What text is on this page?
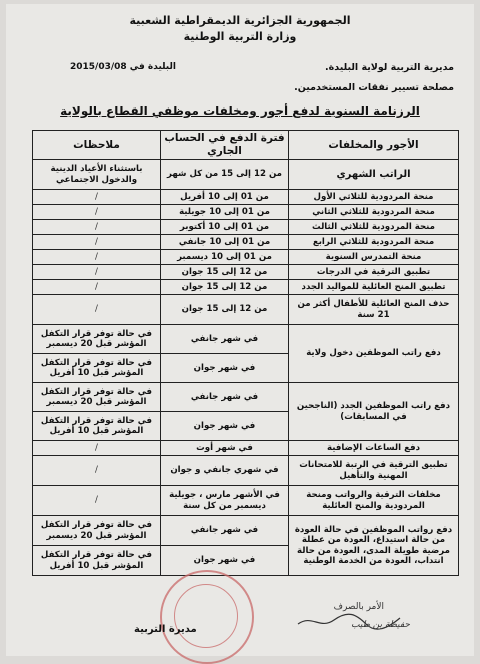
الجمهورية الجزائرية الديمقراطية الشعبية
وزارة التربية الوطنية
مديرية التربية لولاية البليدة.
البليدة في 2015/03/08
مصلحة تسيير نفقات المستخدمين.
الرزنامة السنوية لدفع أجور ومخلفات موظفي القطاع بالولاية
الأجور والمخلفات	فترة الدفع في الحساب الجاري	ملاحظات
الراتب الشهري	من 12 إلى 15 من كل شهر	باستثناء الأعياد الدينية والدخول الاجتماعي
منحة المردودية للثلاثي الأول	من 01 إلى 10 أفريل	/
منحة المردودية للثلاثي الثاني	من 01 إلى 10 جويلية	/
منحة المردودية للثلاثي الثالث	من 01 إلى 10 أكتوبر	/
منحة المردودية للثلاثي الرابع	من 01 إلى 10 جانفي	/
منحة التمدرس السنوية	من 01 إلى 10 ديسمبر	/
تطبيق الترقية في الدرجات	من 12 إلى 15 جوان	/
تطبيق المنح العائلية للمواليد الجدد	من 12 إلى 15 جوان	/
حذف المنح العائلية للأطفال أكثر من 21 سنة	من 12 إلى 15 جوان	/
دفع راتب الموظفين دخول ولاية	في شهر جانفي	في حالة توفر قرار التكفل المؤشر قبل 20 ديسمبر
	في شهر جوان	في حالة توفر قرار التكفل المؤشر قبل 10 أفريل
دفع راتب الموظفين الجدد (الناجحين في المسابقات)	في شهر جانفي	في حالة توفر قرار التكفل المؤشر قبل 20 ديسمبر
	في شهر جوان	في حالة توفر قرار التكفل المؤشر قبل 10 أفريل
دفع الساعات الإضافية	في شهر أوت	/
تطبيق الترقية في الرتبة للامتحانات المهنية والتأهيل	في شهري جانفي و جوان	/
مخلفات الترقية والرواتب ومنحة المردودية والمنح العائلية	في الأشهر مارس ، جويلية ديسمبر من كل سنة	/
دفع رواتب الموظفين في حالة العودة من حالة استيداع، العودة من عطلة مرضية طويلة المدى، العودة من حالة انتداب، العودة من الخدمة الوطنية	في شهر جانفي	في حالة توفر قرار التكفل المؤشر قبل 20 ديسمبر
	في شهر جوان	في حالة توفر قرار التكفل المؤشر قبل 10 أفريل
الأمر بالصرف
حفيظة بن طيب
مديرة التربية
